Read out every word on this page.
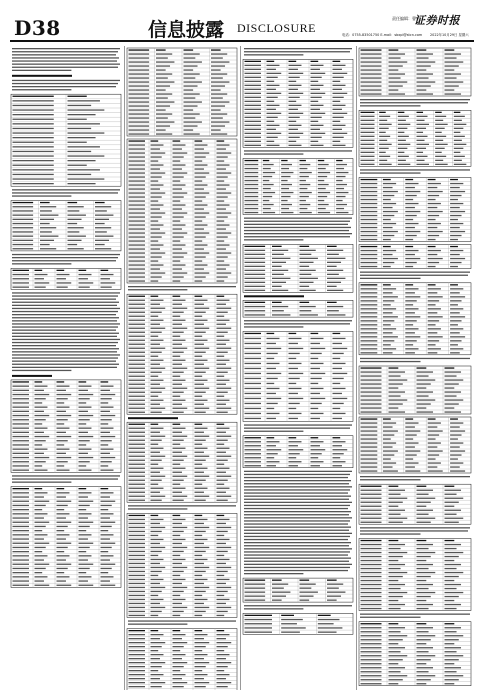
D38	信息披露 DISCLOSURE
责任编辑：曹 度
证券时报
电话：0755-83501750 E-mail：sbxpl@stcn.com 2022年10月29日 星期六
